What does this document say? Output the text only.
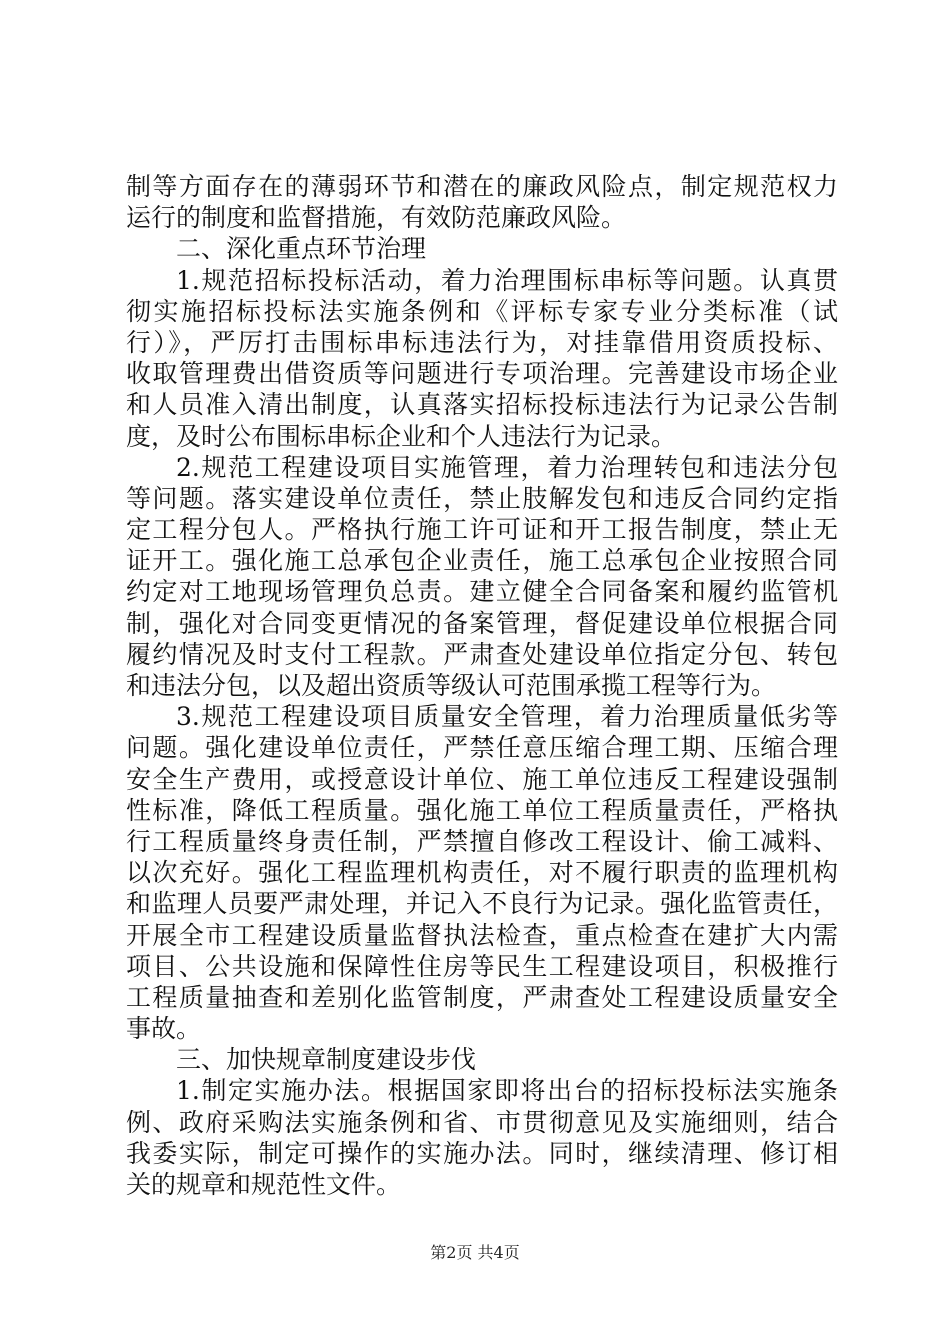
制等方面存在的薄弱环节和潜在的廉政风险点，制定规范权力
运行的制度和监督措施，有效防范廉政风险。
二、深化重点环节治理
1.规范招标投标活动，着力治理围标串标等问题。认真贯
彻实施招标投标法实施条例和《评标专家专业分类标准（试
行）》，严厉打击围标串标违法行为，对挂靠借用资质投标、
收取管理费出借资质等问题进行专项治理。完善建设市场企业
和人员准入清出制度，认真落实招标投标违法行为记录公告制
度，及时公布围标串标企业和个人违法行为记录。
2.规范工程建设项目实施管理，着力治理转包和违法分包
等问题。落实建设单位责任，禁止肢解发包和违反合同约定指
定工程分包人。严格执行施工许可证和开工报告制度，禁止无
证开工。强化施工总承包企业责任，施工总承包企业按照合同
约定对工地现场管理负总责。建立健全合同备案和履约监管机
制，强化对合同变更情况的备案管理，督促建设单位根据合同
履约情况及时支付工程款。严肃查处建设单位指定分包、转包
和违法分包，以及超出资质等级认可范围承揽工程等行为。
3.规范工程建设项目质量安全管理，着力治理质量低劣等
问题。强化建设单位责任，严禁任意压缩合理工期、压缩合理
安全生产费用，或授意设计单位、施工单位违反工程建设强制
性标准，降低工程质量。强化施工单位工程质量责任，严格执
行工程质量终身责任制，严禁擅自修改工程设计、偷工减料、
以次充好。强化工程监理机构责任，对不履行职责的监理机构
和监理人员要严肃处理，并记入不良行为记录。强化监管责任，
开展全市工程建设质量监督执法检查，重点检查在建扩大内需
项目、公共设施和保障性住房等民生工程建设项目，积极推行
工程质量抽查和差别化监管制度，严肃查处工程建设质量安全
事故。
三、加快规章制度建设步伐
1.制定实施办法。根据国家即将出台的招标投标法实施条
例、政府采购法实施条例和省、市贯彻意见及实施细则，结合
我委实际，制定可操作的实施办法。同时，继续清理、修订相
关的规章和规范性文件。
第2页 共4页
